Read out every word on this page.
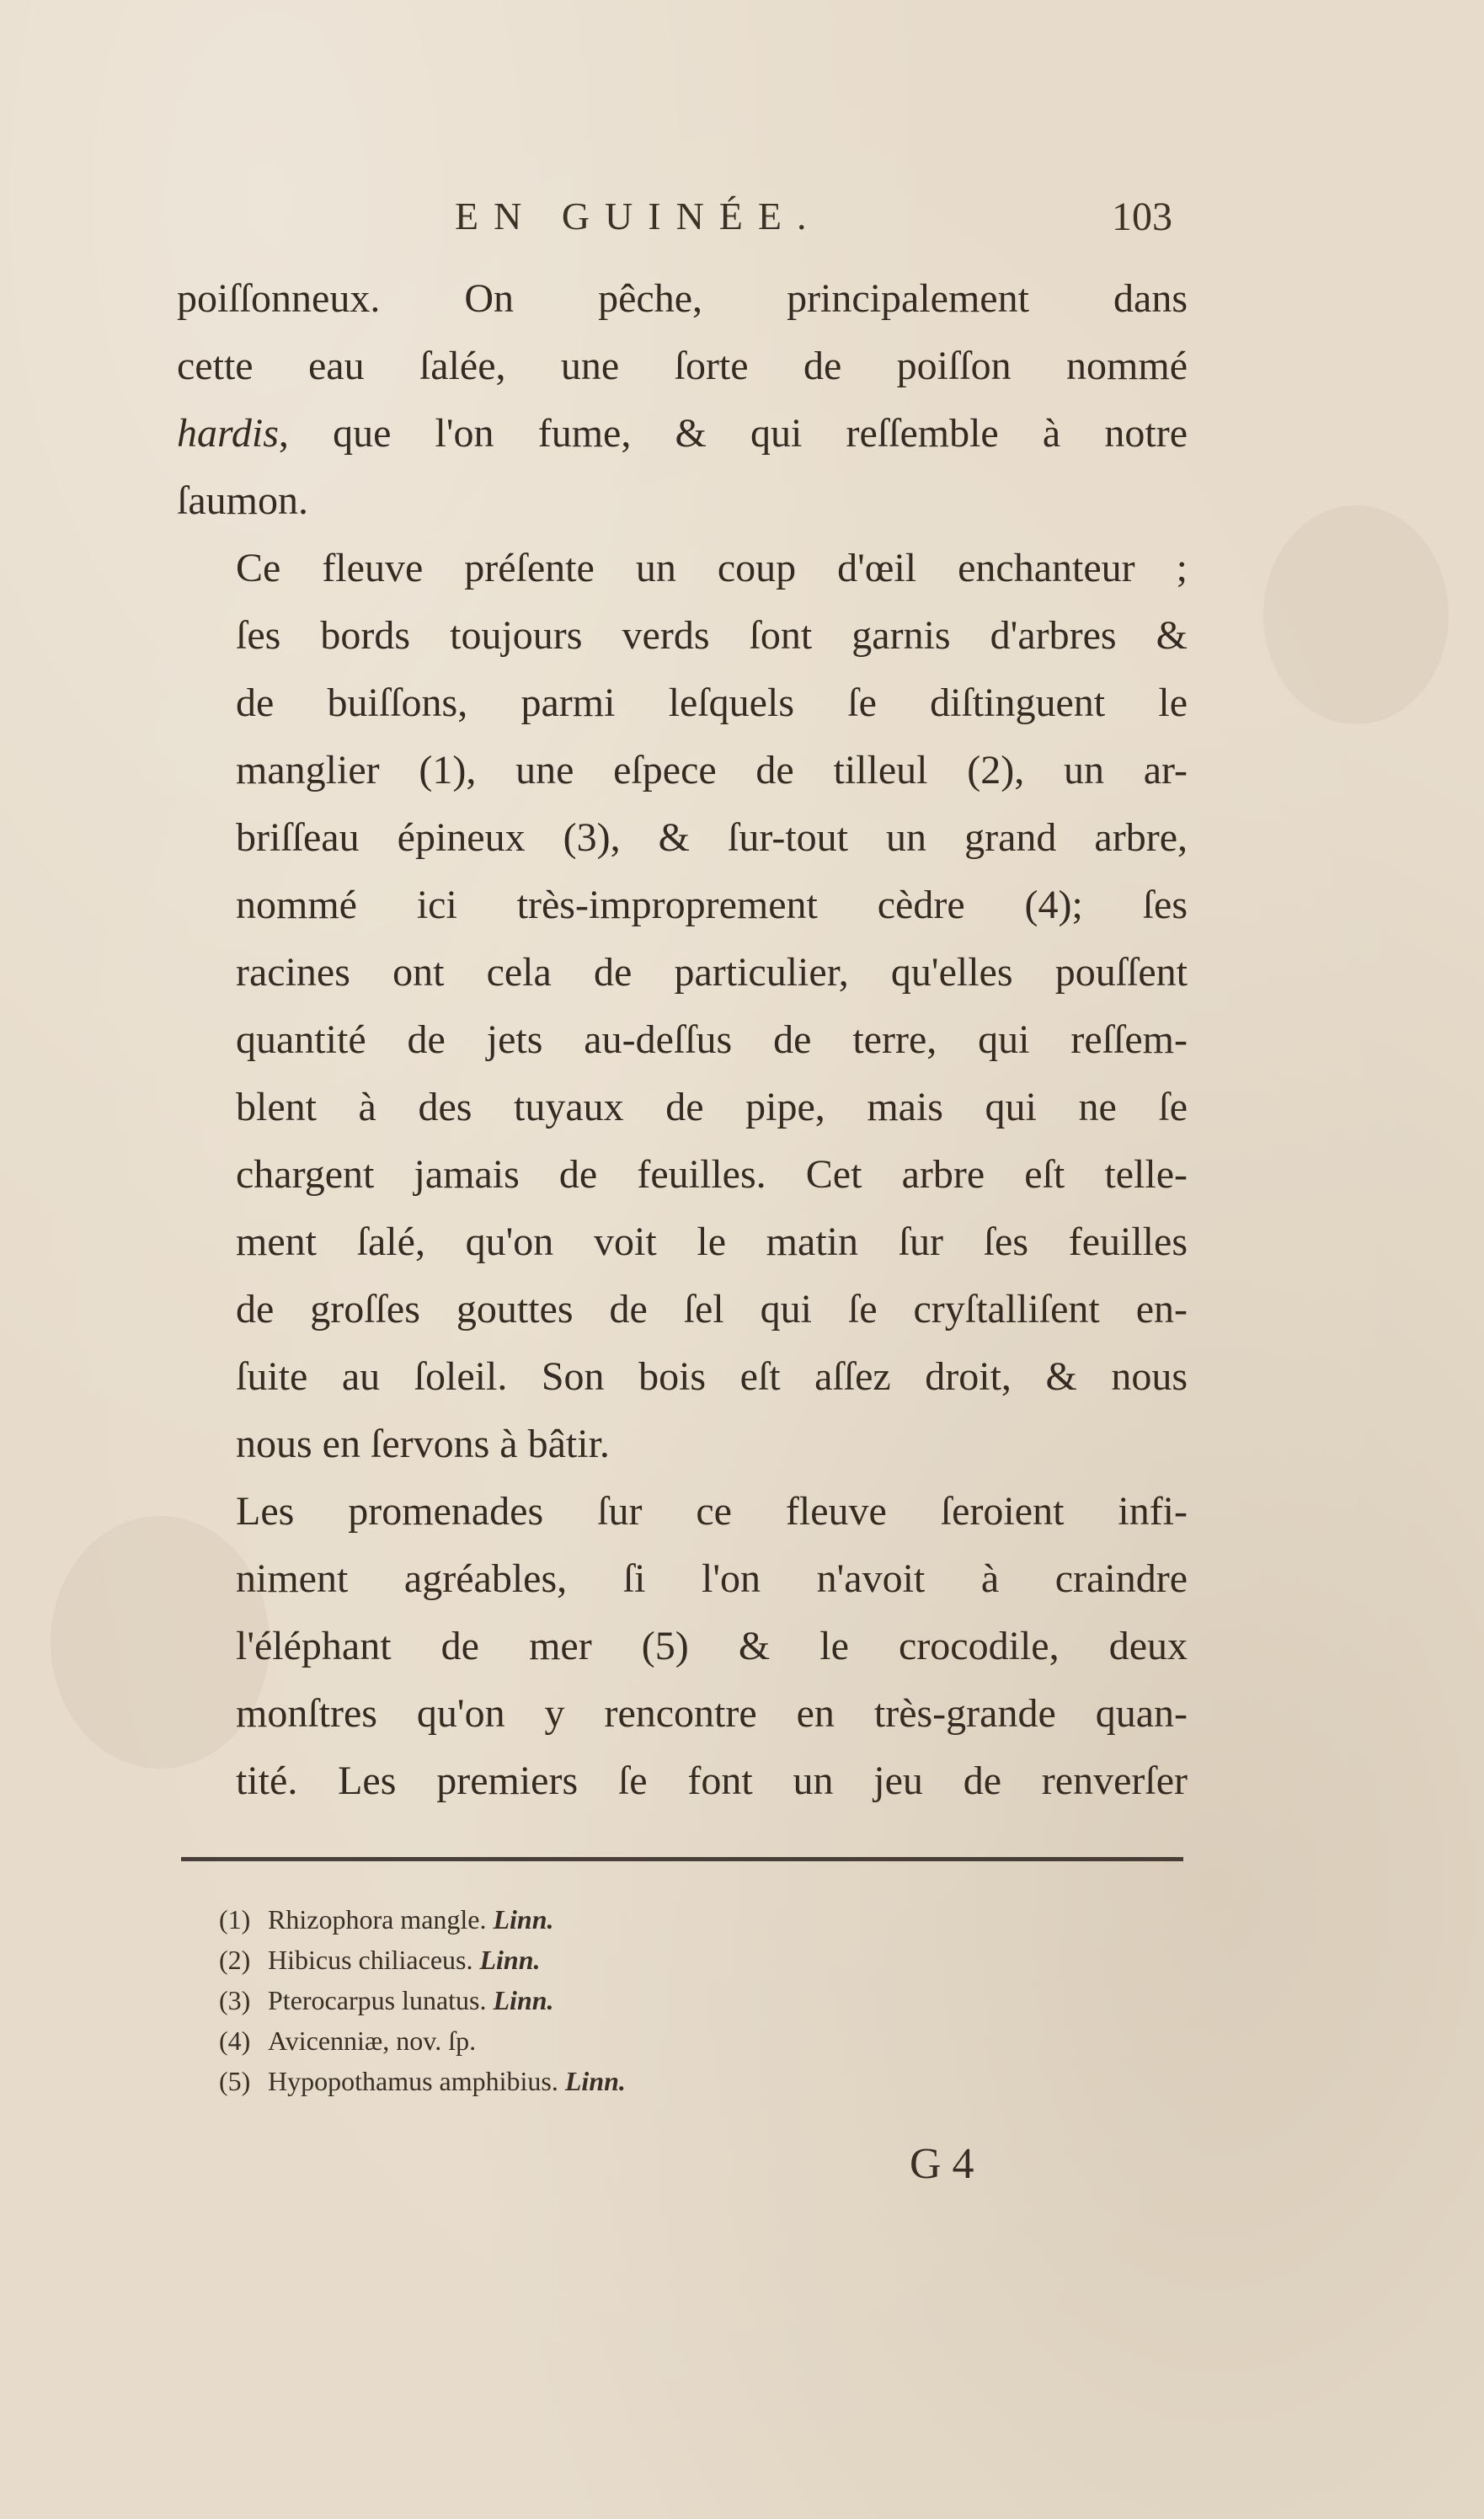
EN GUINÉE.	103

poiſſonneux. On pêche, principalement dans
cette eau ſalée, une ſorte de poiſſon nommé
hardis, que l'on fume, & qui reſſemble à notre
ſaumon.

Ce fleuve préſente un coup d'œil enchanteur ;
ſes bords toujours verds ſont garnis d'arbres &
de buiſſons, parmi leſquels ſe diſtinguent le
manglier (1), une eſpece de tilleul (2), un ar-
briſſeau épineux (3), & ſur-tout un grand arbre,
nommé ici très-improprement cèdre (4); ſes
racines ont cela de particulier, qu'elles pouſſent
quantité de jets au-deſſus de terre, qui reſſem-
blent à des tuyaux de pipe, mais qui ne ſe
chargent jamais de feuilles. Cet arbre eſt telle-
ment ſalé, qu'on voit le matin ſur ſes feuilles
de groſſes gouttes de ſel qui ſe cryſtalliſent en-
ſuite au ſoleil. Son bois eſt aſſez droit, & nous
nous en ſervons à bâtir.

Les promenades ſur ce fleuve ſeroient infi-
niment agréables, ſi l'on n'avoit à craindre
l'éléphant de mer (5) & le crocodile, deux
monſtres qu'on y rencontre en très-grande quan-
tité. Les premiers ſe font un jeu de renverſer

(1) Rhizophora mangle. Linn.
(2) Hibicus chiliaceus. Linn.
(3) Pterocarpus lunatus. Linn.
(4) Avicenniæ, nov. ſp.
(5) Hypopothamus amphibius. Linn.
G 4
